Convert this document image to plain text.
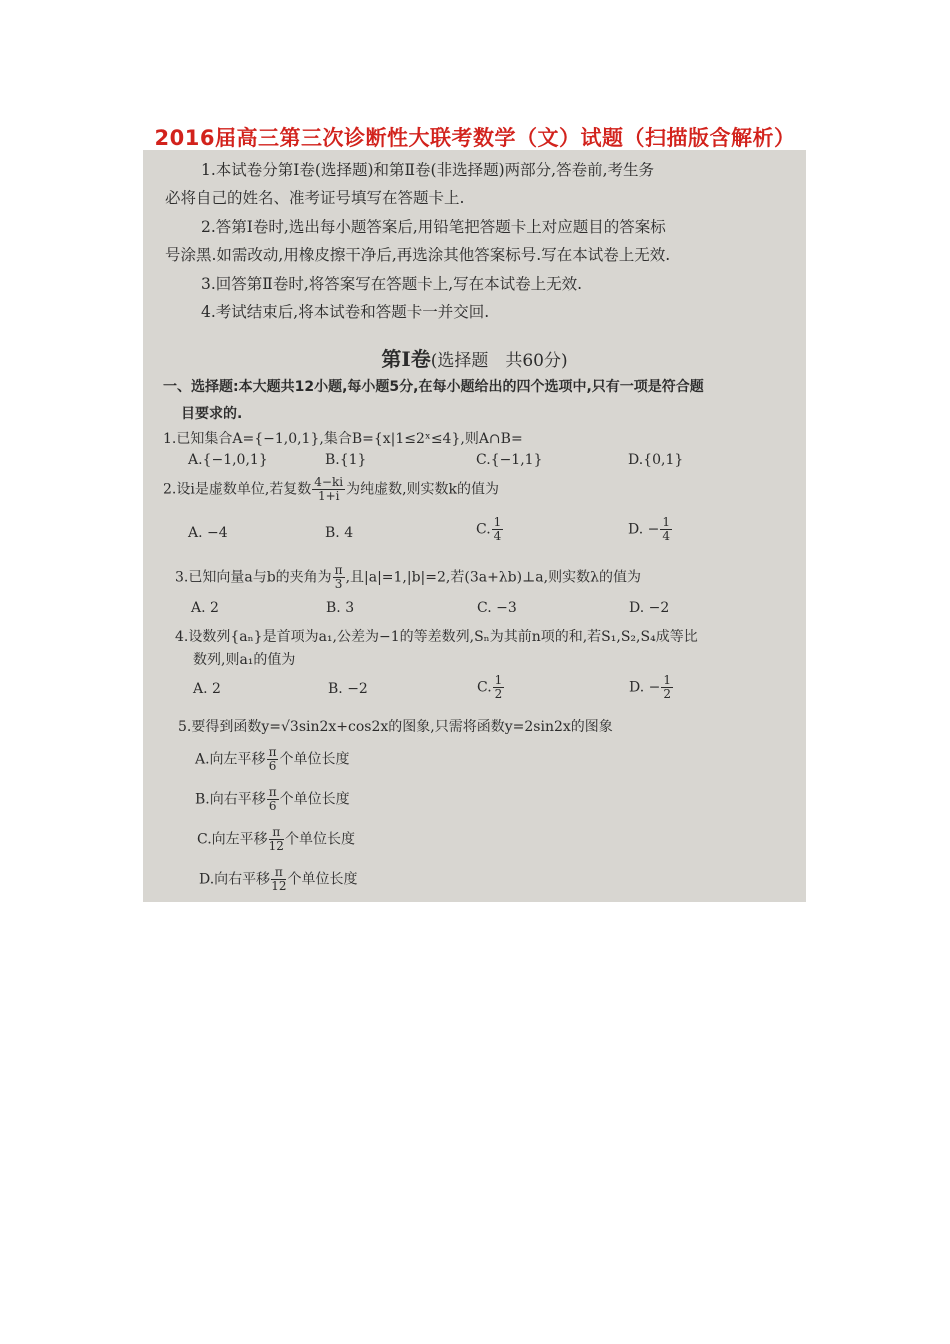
2016届高三第三次诊断性大联考数学（文）试题（扫描版含解析）
1.本试卷分第Ⅰ卷(选择题)和第Ⅱ卷(非选择题)两部分,答卷前,考生务
必将自己的姓名、准考证号填写在答题卡上.
2.答第Ⅰ卷时,选出每小题答案后,用铅笔把答题卡上对应题目的答案标
号涂黑.如需改动,用橡皮擦干净后,再选涂其他答案标号.写在本试卷上无效.
3.回答第Ⅱ卷时,将答案写在答题卡上,写在本试卷上无效.
4.考试结束后,将本试卷和答题卡一并交回.
第Ⅰ卷(选择题　共60分)
一、选择题:本大题共12小题,每小题5分,在每小题给出的四个选项中,只有一项是符合题
目要求的.
1.已知集合A={−1,0,1},集合B={x|1≤2ˣ≤4},则A∩B=
A.{−1,0,1}	B.{1}	C.{−1,1}	D.{0,1}
2.设i是虚数单位,若复数 $\frac{4-ki}{1+i}$ 为纯虚数,则实数k的值为
A. −4	B. 4	C. $\frac{1}{4}$	D. − $\frac{1}{4}$
3.已知向量a与b的夹角为 $\frac{\pi}{3}$ ,且|a|=1,|b|=2,若(3a+λb)⊥a,则实数λ的值为
A. 2	B. 3	C. −3	D. −2
4.设数列{aₙ}是首项为a₁,公差为−1的等差数列,Sₙ为其前n项的和,若S₁,S₂,S₄成等比
数列,则a₁的值为
A. 2	B. −2	C. $\frac{1}{2}$	D. − $\frac{1}{2}$
5.要得到函数y=√3sin2x+cos2x的图象,只需将函数y=2sin2x的图象
A.向左平移 $\frac{\pi}{6}$ 个单位长度
B.向右平移 $\frac{\pi}{6}$ 个单位长度
C.向左平移 $\frac{\pi}{12}$ 个单位长度
D.向右平移 $\frac{\pi}{12}$ 个单位长度
